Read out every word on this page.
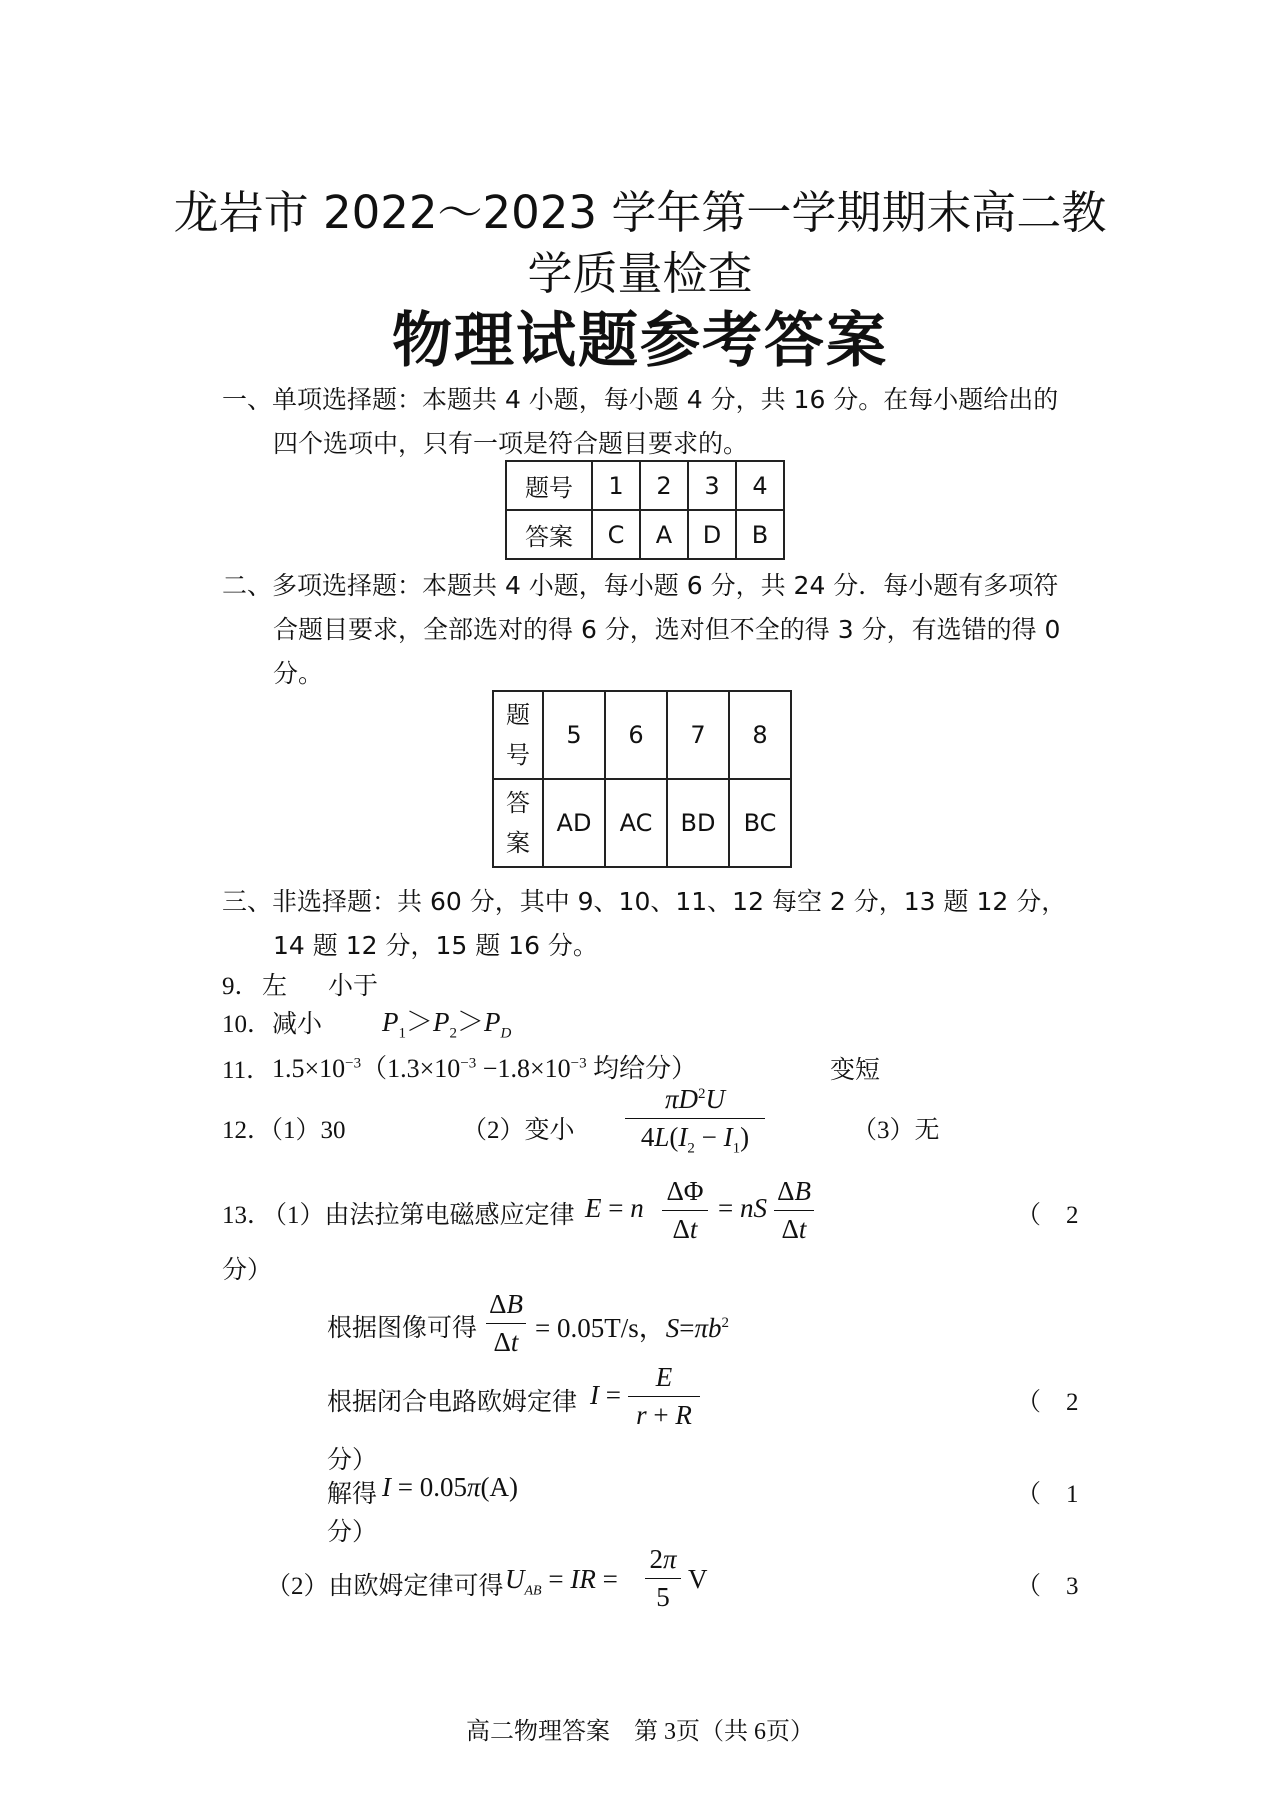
龙岩市 2022～2023 学年第一学期期末高二教
学质量检查
物理试题参考答案
一、单项选择题：本题共 4 小题，每小题 4 分，共 16 分。在每小题给出的
四个选项中，只有一项是符合题目要求的。
题号	1	2	3	4
答案	C	A	D	B
二、多项选择题：本题共 4 小题，每小题 6 分，共 24 分．每小题有多项符
合题目要求，全部选对的得 6 分，选对但不全的得 3 分，有选错的得 0
分。
题
号	5	6	7	8
答
案	AD	AC	BD	BC
三、非选择题：共 60 分，其中 9、10、11、12 每空 2 分，13 题 12 分，
14 题 12 分，15 题 16 分。
9． 左 小于
10． 减小 $P_1>P_2>P_D$
11． $1.5\times 10^{-3}(1.3\times 10^{-3} -1.8\times 10^{-3}$ 均给分）	变短
12．
（1）30	（2）变小
$\pi D^2U$
$4L(I_2 - I_1)$	（3）无
13．
（1）由法拉第电磁感应定律 E = n
ΔΦ
Δt
= nS
ΔB
Δt	（　2
分）
根据图像可得
ΔB
Δt = 0.05T/s，$S=\pi b^2$
根据闭合电路欧姆定律 I =
E
r + R	（　2
分）
解得 I = 0.05π(A)	（　1
分）
（2）由欧姆定律可得 $U_{AB}$ = IR =
2π
5
V	（　3
高二物理答案　第 3页（共 6页）
